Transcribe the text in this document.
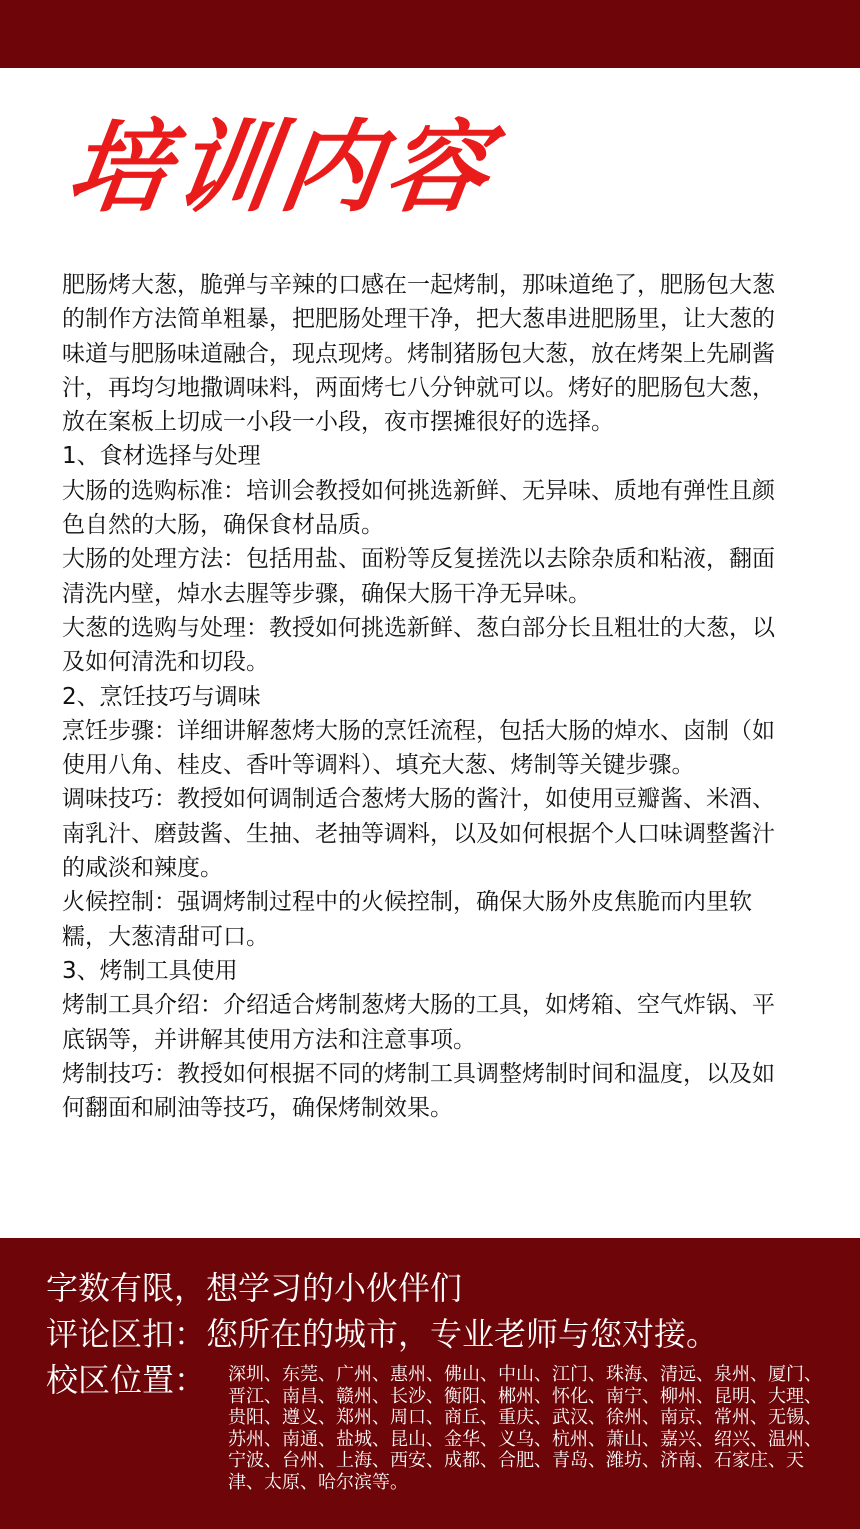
培训内容

肥肠烤大葱，脆弹与辛辣的口感在一起烤制，那味道绝了，肥肠包大葱的制作方法简单粗暴，把肥肠处理干净，把大葱串进肥肠里，让大葱的味道与肥肠味道融合，现点现烤。烤制猪肠包大葱，放在烤架上先刷酱汁，再均匀地撒调味料，两面烤七八分钟就可以。烤好的肥肠包大葱，放在案板上切成一小段一小段，夜市摆摊很好的选择。

1、食材选择与处理

大肠的选购标准：培训会教授如何挑选新鲜、无异味、质地有弹性且颜色自然的大肠，确保食材品质。

大肠的处理方法：包括用盐、面粉等反复搓洗以去除杂质和粘液，翻面清洗内壁，焯水去腥等步骤，确保大肠干净无异味。

大葱的选购与处理：教授如何挑选新鲜、葱白部分长且粗壮的大葱，以及如何清洗和切段。

2、烹饪技巧与调味

烹饪步骤：详细讲解葱烤大肠的烹饪流程，包括大肠的焯水、卤制（如使用八角、桂皮、香叶等调料）、填充大葱、烤制等关键步骤。

调味技巧：教授如何调制适合葱烤大肠的酱汁，如使用豆瓣酱、米酒、南乳汁、磨鼓酱、生抽、老抽等调料，以及如何根据个人口味调整酱汁的咸淡和辣度。

火候控制：强调烤制过程中的火候控制，确保大肠外皮焦脆而内里软糯，大葱清甜可口。

3、烤制工具使用

烤制工具介绍：介绍适合烤制葱烤大肠的工具，如烤箱、空气炸锅、平底锅等，并讲解其使用方法和注意事项。

烤制技巧：教授如何根据不同的烤制工具调整烤制时间和温度，以及如何翻面和刷油等技巧，确保烤制效果。

字数有限，想学习的小伙伴们
评论区扣：您所在的城市，专业老师与您对接。
校区位置： 深圳、东莞、广州、惠州、佛山、中山、江门、珠海、清远、泉州、厦门、晋江、南昌、赣州、长沙、衡阳、郴州、怀化、南宁、柳州、昆明、大理、贵阳、遵义、郑州、周口、商丘、重庆、武汉、徐州、南京、常州、无锡、苏州、南通、盐城、昆山、金华、义乌、杭州、萧山、嘉兴、绍兴、温州、宁波、台州、上海、西安、成都、合肥、青岛、潍坊、济南、石家庄、天津、太原、哈尔滨等。
